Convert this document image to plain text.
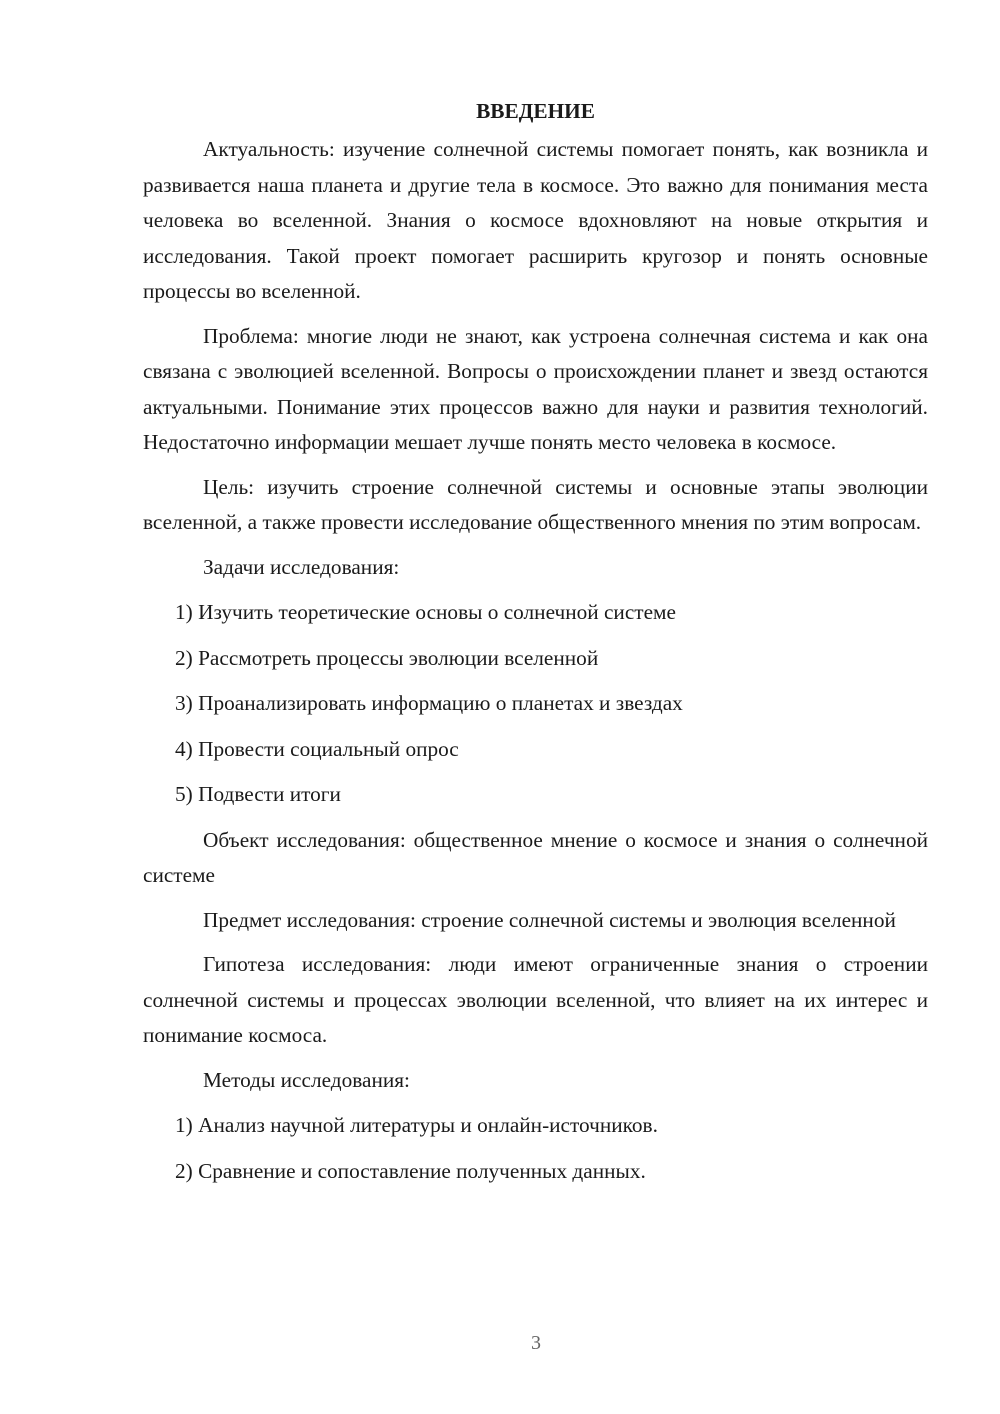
ВВЕДЕНИЕ

Актуальность: изучение солнечной системы помогает понять, как возникла и развивается наша планета и другие тела в космосе. Это важно для понимания места человека во вселенной. Знания о космосе вдохновляют на новые открытия и исследования. Такой проект помогает расширить кругозор и понять основные процессы во вселенной.

Проблема: многие люди не знают, как устроена солнечная система и как она связана с эволюцией вселенной. Вопросы о происхождении планет и звезд остаются актуальными. Понимание этих процессов важно для науки и развития технологий. Недостаточно информации мешает лучше понять место человека в космосе.

Цель: изучить строение солнечной системы и основные этапы эволюции вселенной, а также провести исследование общественного мнения по этим вопросам.

Задачи исследования:

1) Изучить теоретические основы о солнечной системе
2) Рассмотреть процессы эволюции вселенной
3) Проанализировать информацию о планетах и звездах
4) Провести социальный опрос
5) Подвести итоги

Объект исследования: общественное мнение о космосе и знания о солнечной системе

Предмет исследования: строение солнечной системы и эволюция вселенной

Гипотеза исследования: люди имеют ограниченные знания о строении солнечной системы и процессах эволюции вселенной, что влияет на их интерес и понимание космоса.

Методы исследования:

1) Анализ научной литературы и онлайн-источников.
2) Сравнение и сопоставление полученных данных.
3
